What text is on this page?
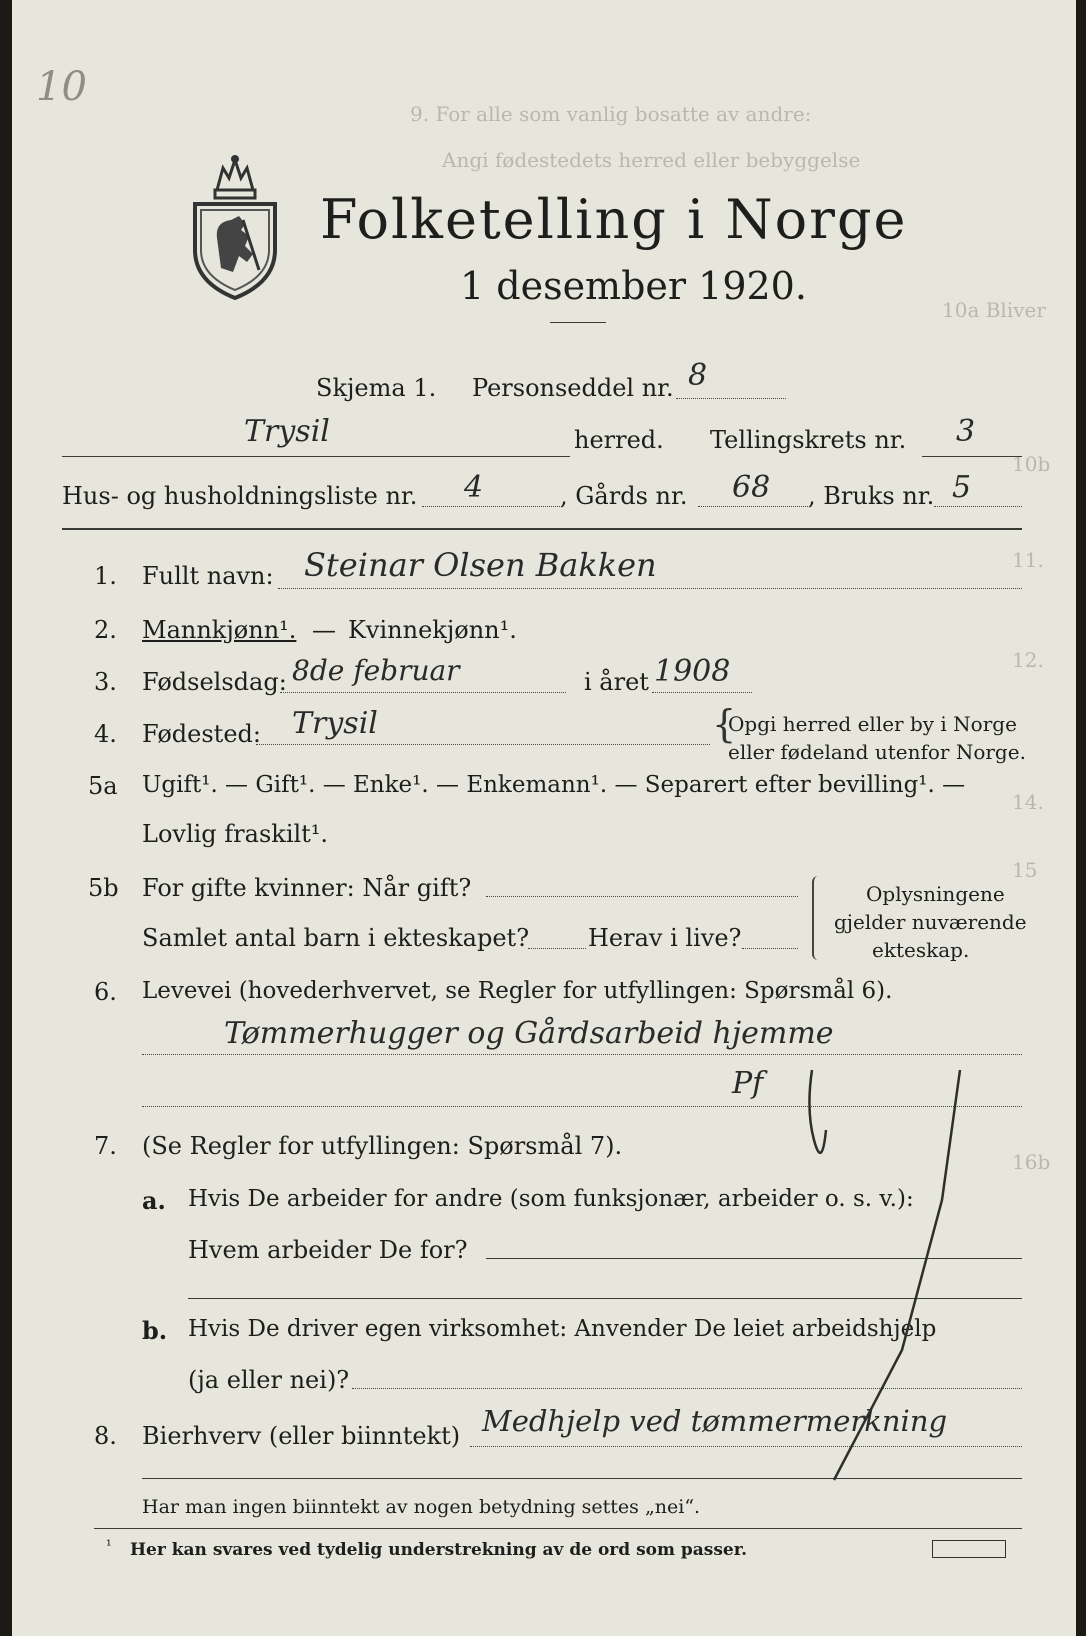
9. For alle som vanlig bosatte av andre:
Angi fødestedets herred eller bebyggelse
10a Bliver
10b
11.
12.
14.
15
16b
10
Folketelling i Norge
1 desember 1920.
Skjema 1. Personseddel nr. 8
Trysil	herred. Tellingskrets nr. 3
Hus- og husholdningsliste nr. 4	, Gårds nr. 68 , Bruks nr. 5
1. Fullt navn: Steinar Olsen Bakken
2. Mannkjønn¹. — Kvinnekjønn¹.
3. Fødselsdag: 8de februar	i året 1908
4. Fødested: Trysil	{
Opgi herred eller by i Norge
eller fødeland utenfor Norge.
5a Ugift¹. — Gift¹. — Enke¹. — Enkemann¹. — Separert efter bevilling¹. —
Lovlig fraskilt¹.
5b For gifte kvinner: Når gift?
Samlet antal barn i ekteskapet? Herav i live?
Oplysningene
gjelder nuværende
ekteskap.
6. Levevei (hovederhvervet, se Regler for utfyllingen: Spørsmål 6).
Tømmerhugger og Gårdsarbeid hjemme
Pf
7. (Se Regler for utfyllingen: Spørsmål 7).
a. Hvis De arbeider for andre (som funksjonær, arbeider o. s. v.):
Hvem arbeider De for?
b. Hvis De driver egen virksomhet: Anvender De leiet arbeidshjelp
(ja eller nei)?
8. Bierhverv (eller biinntekt) Medhjelp ved tømmermerkning
Har man ingen biinntekt av nogen betydning settes „nei“.
¹ Her kan svares ved tydelig understrekning av de ord som passer.
